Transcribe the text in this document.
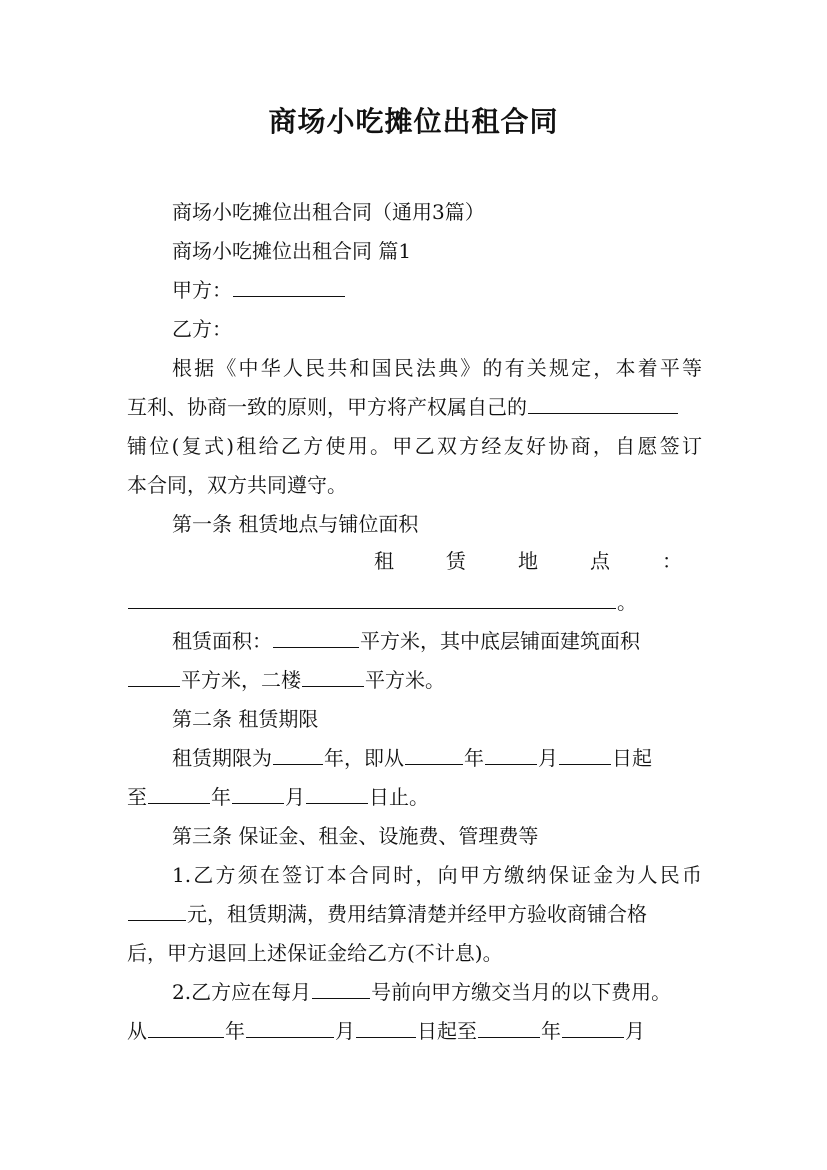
商场小吃摊位出租合同
商场小吃摊位出租合同（通用3篇）
商场小吃摊位出租合同 篇1
甲方：
乙方：
根据《中华人民共和国民法典》的有关规定，本着平等
互利、协商一致的原则，甲方将产权属自己的
铺位(复式)租给乙方使用。甲乙双方经友好协商，自愿签订
本合同，双方共同遵守。
第一条 租赁地点与铺位面积
租	赁	地	点	：
。
租赁面积：	平方米，其中底层铺面建筑面积
平方米，二楼	平方米。
第二条 租赁期限
租赁期限为	年，即从	年	月	日起
至	年	月	日止。
第三条 保证金、租金、设施费、管理费等
1.乙方须在签订本合同时，向甲方缴纳保证金为人民币
元，租赁期满，费用结算清楚并经甲方验收商铺合格
后，甲方退回上述保证金给乙方(不计息)。
2.乙方应在每月	号前向甲方缴交当月的以下费用。
从	年	月	日起至	年	月
